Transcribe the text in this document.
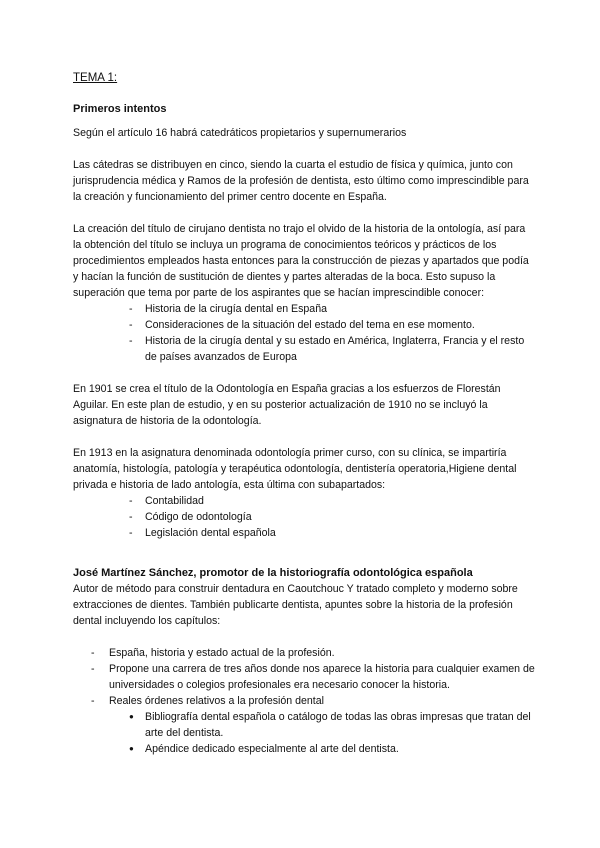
TEMA 1:
Primeros intentos

Según el artículo 16 habrá catedráticos propietarios y supernumerarios

Las cátedras se distribuyen en cinco, siendo la cuarta el estudio de física y química, junto con jurisprudencia médica y Ramos de la profesión de dentista, esto último como imprescindible para la creación y funcionamiento del primer centro docente en España.

La creación del título de cirujano dentista no trajo el olvido de la historia de la ontología, así para la obtención del título se incluya un programa de conocimientos teóricos y prácticos de los procedimientos empleados hasta entonces para la construcción de piezas y apartados que podía y hacían la función de sustitución de dientes y partes alteradas de la boca. Esto supuso la superación que tema por parte de los aspirantes que se hacían imprescindible conocer:

- Historia de la cirugía dental en España
- Consideraciones de la situación del estado del tema en ese momento.
- Historia de la cirugía dental y su estado en América, Inglaterra, Francia y el resto de países avanzados de Europa

En 1901 se crea el título de la Odontología en España gracias a los esfuerzos de Florestán Aguilar. En este plan de estudio, y en su posterior actualización de 1910 no se incluyó la asignatura de historia de la odontología.

En 1913 en la asignatura denominada odontología primer curso, con su clínica, se impartiría anatomía, histología, patología y terapéutica odontología, dentistería operatoria,Higiene dental privada e historia de lado antología, esta última con subapartados:

- Contabilidad
- Código de odontología
- Legislación dental española
José Martínez Sánchez, promotor de la historiografía odontológica española

Autor de método para construir dentadura en Caoutchouc Y tratado completo y moderno sobre extracciones de dientes. También publicarte dentista, apuntes sobre la historia de la profesión dental incluyendo los capítulos:

- España, historia y estado actual de la profesión.
- Propone una carrera de tres años donde nos aparece la historia para cualquier examen de universidades o colegios profesionales era necesario conocer la historia.
- Reales órdenes relativos a la profesión dental
● Bibliografía dental española o catálogo de todas las obras impresas que tratan del arte del dentista.
● Apéndice dedicado especialmente al arte del dentista.
